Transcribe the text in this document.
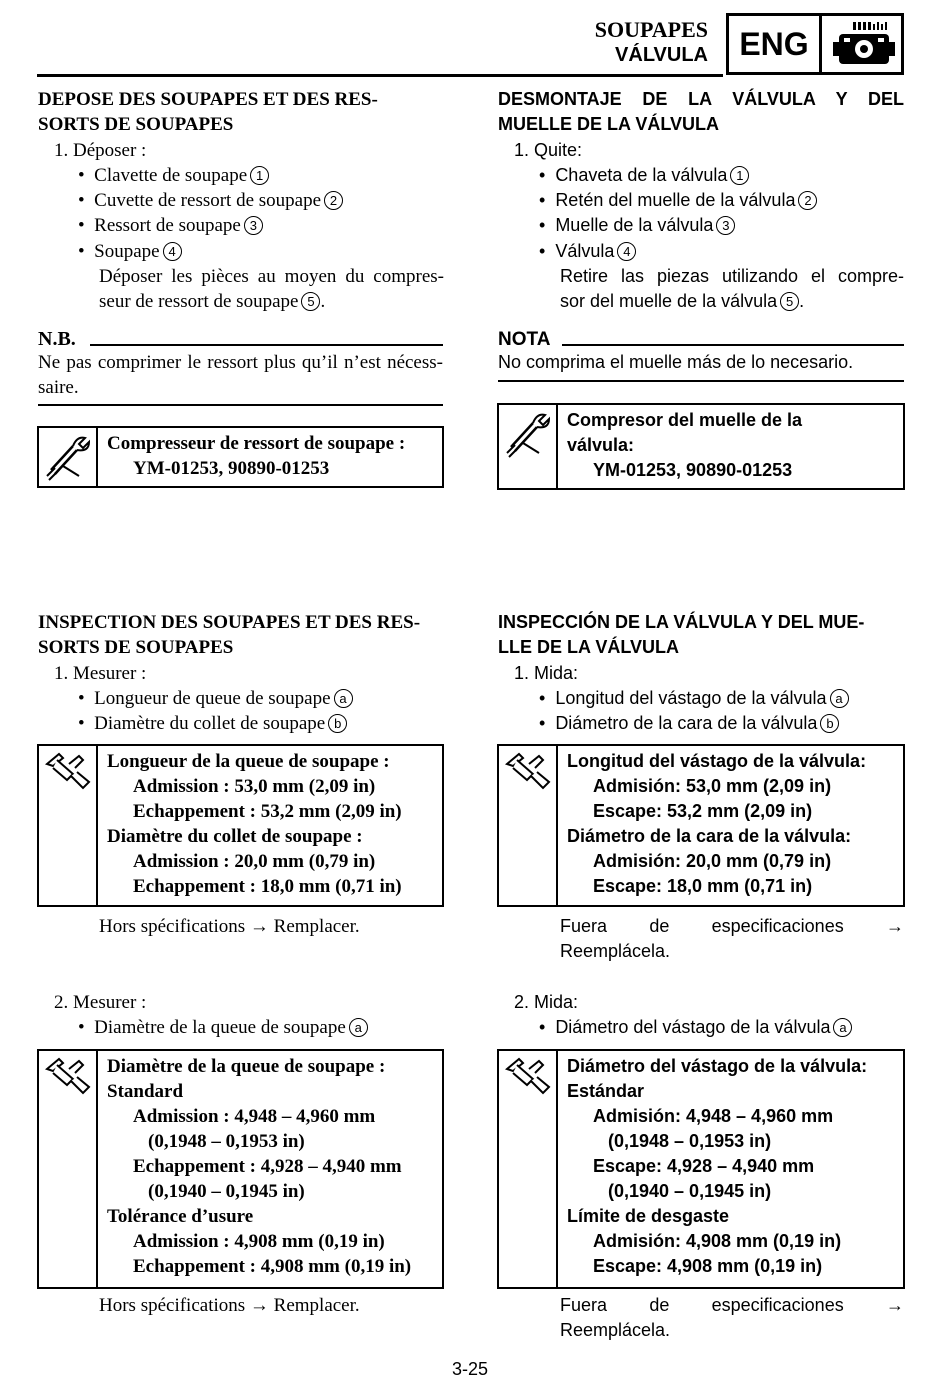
SOUPAPES
VÁLVULA ENG
DEPOSE DES SOUPAPES ET DES RES-
SORTS DE SOUPAPES
1. Déposer :
•  Clavette de soupape 1
•  Cuvette de ressort de soupape 2
•  Ressort de soupape 3
•  Soupape 4
Déposer les pièces au moyen du compres-
seur de ressort de soupape 5 .
N.B.
Ne pas comprimer le ressort plus qu’il n’est nécess-
saire.
Compresseur de ressort de soupape :
YM-01253, 90890-01253
DESMONTAJE DE LA VÁLVULA Y DEL
MUELLE DE LA VÁLVULA
1. Quite:
•  Chaveta de la válvula 1
•  Retén del muelle de la válvula 2
•  Muelle de la válvula 3
•  Válvula 4
Retire las piezas utilizando el compre-
sor del muelle de la válvula 5 .
NOTA
No comprima el muelle más de lo necesario.
Compresor del muelle de la
válvula:
YM-01253, 90890-01253
INSPECTION DES SOUPAPES ET DES RES-
SORTS DE SOUPAPES
1. Mesurer :
•  Longueur de queue de soupape a
•  Diamètre du collet de soupape b
Longueur de la queue de soupape :
Admission : 53,0 mm (2,09 in)
Echappement : 53,2 mm (2,09 in)
Diamètre du collet de soupape :
Admission : 20,0 mm (0,79 in)
Echappement : 18,0 mm (0,71 in)
Hors spécifications → Remplacer.
2. Mesurer :
•  Diamètre de la queue de soupape a
Diamètre de la queue de soupape :
Standard
Admission : 4,948 – 4,960 mm
(0,1948 – 0,1953 in)
Echappement : 4,928 – 4,940 mm
(0,1940 – 0,1945 in)
Tolérance d’usure
Admission : 4,908 mm (0,19 in)
Echappement : 4,908 mm (0,19 in)
Hors spécifications → Remplacer.
INSPECCIÓN DE LA VÁLVULA Y DEL MUE-
LLE DE LA VÁLVULA
1. Mida:
•  Longitud del vástago de la válvula a
•  Diámetro de la cara de la válvula b
Longitud del vástago de la válvula:
Admisión: 53,0 mm (2,09 in)
Escape: 53,2 mm (2,09 in)
Diámetro de la cara de la válvula:
Admisión: 20,0 mm (0,79 in)
Escape: 18,0 mm (0,71 in)
Fuera de especificaciones →
Reemplácela.
2. Mida:
•  Diámetro del vástago de la válvula a
Diámetro del vástago de la válvula:
Estándar
Admisión: 4,948 – 4,960 mm
(0,1948 – 0,1953 in)
Escape: 4,928 – 4,940 mm
(0,1940 – 0,1945 in)
Límite de desgaste
Admisión: 4,908 mm (0,19 in)
Escape: 4,908 mm (0,19 in)
Fuera de especificaciones →
Reemplácela.
3-25
